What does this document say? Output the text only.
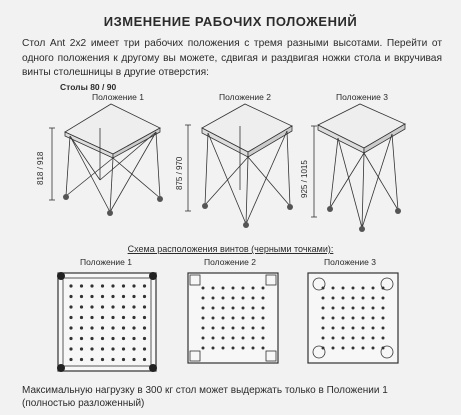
ИЗМЕНЕНИЕ РАБОЧИХ ПОЛОЖЕНИЙ
Стол Ant 2х2 имеет три рабочих положения с тремя разными высотами. Перейти от одного положения к другому вы можете, сдвигая и раздвигая ножки стола и вкручивая винты столешницы в другие отверстия:
Столы 80 / 90
Положение 1	Положение 2	Положение 3
818 / 918	875 / 970	925 / 1015
Схема расположения винтов (черными точками):
Положение 1	Положение 2	Положение 3
Максимальную нагрузку в 300 кг стол может выдержать только в Положении 1 (полностью разложенный)
